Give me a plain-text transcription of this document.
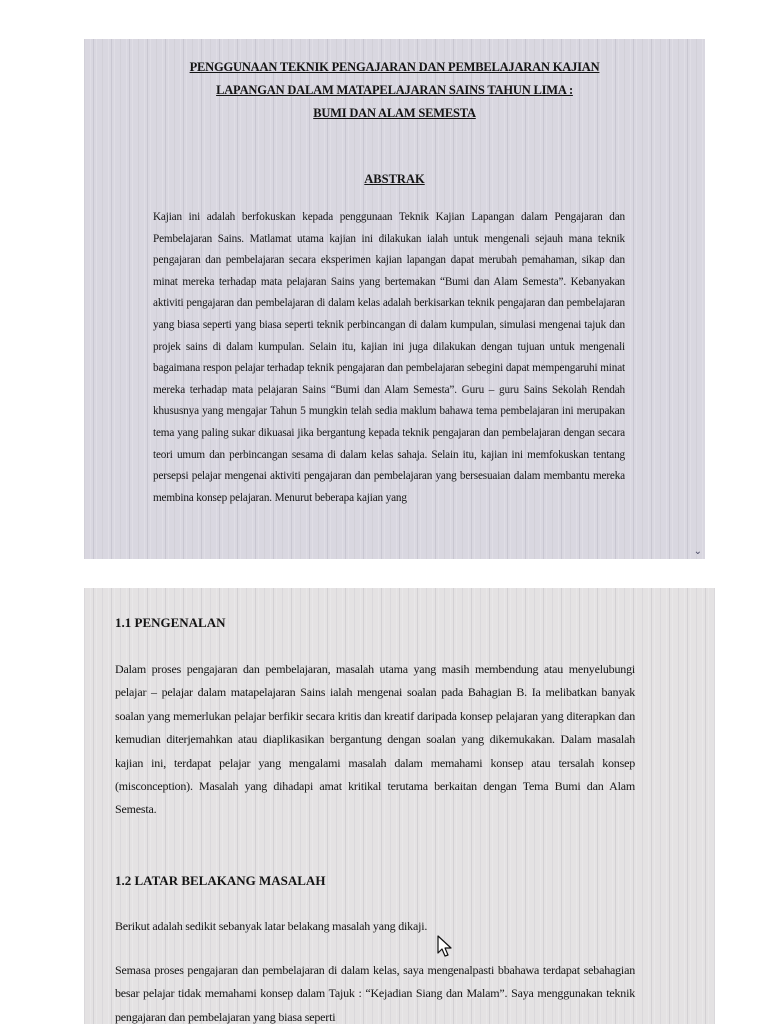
PENGGUNAAN TEKNIK PENGAJARAN DAN PEMBELAJARAN KAJIAN
LAPANGAN DALAM MATAPELAJARAN SAINS TAHUN LIMA :
BUMI DAN ALAM SEMESTA
ABSTRAK

Kajian ini adalah berfokuskan kepada penggunaan Teknik Kajian Lapangan dalam Pengajaran dan Pembelajaran Sains. Matlamat utama kajian ini dilakukan ialah untuk mengenali sejauh mana teknik pengajaran dan pembelajaran secara eksperimen kajian lapangan dapat merubah pemahaman, sikap dan minat mereka terhadap mata pelajaran Sains yang bertemakan “Bumi dan Alam Semesta”. Kebanyakan aktiviti pengajaran dan pembelajaran di dalam kelas adalah berkisarkan teknik pengajaran dan pembelajaran yang biasa seperti yang biasa seperti teknik perbincangan di dalam kumpulan, simulasi mengenai tajuk dan projek sains di dalam kumpulan. Selain itu, kajian ini juga dilakukan dengan tujuan untuk mengenali bagaimana respon pelajar terhadap teknik pengajaran dan pembelajaran sebegini dapat mempengaruhi minat mereka terhadap mata pelajaran Sains “Bumi dan Alam Semesta”. Guru – guru Sains Sekolah Rendah khususnya yang mengajar Tahun 5 mungkin telah sedia maklum bahawa tema pembelajaran ini merupakan tema yang paling sukar dikuasai jika bergantung kepada teknik pengajaran dan pembelajaran dengan secara teori umum dan perbincangan sesama di dalam kelas sahaja. Selain itu, kajian ini memfokuskan tentang persepsi pelajar mengenai aktiviti pengajaran dan pembelajaran yang bersesuaian dalam membantu mereka membina konsep pelajaran. Menurut beberapa kajian yang

⌄
1.1 PENGENALAN

Dalam proses pengajaran dan pembelajaran, masalah utama yang masih membendung atau menyelubungi pelajar – pelajar dalam matapelajaran Sains ialah mengenai soalan pada Bahagian B. Ia melibatkan banyak soalan yang memerlukan pelajar berfikir secara kritis dan kreatif daripada konsep pelajaran yang diterapkan dan kemudian diterjemahkan atau diaplikasikan bergantung dengan soalan yang dikemukakan. Dalam masalah kajian ini, terdapat pelajar yang mengalami masalah dalam memahami konsep atau tersalah konsep (misconception). Masalah yang dihadapi amat kritikal terutama berkaitan dengan Tema Bumi dan Alam Semesta.

1.2 LATAR BELAKANG MASALAH

Berikut adalah sedikit sebanyak latar belakang masalah yang dikaji.

Semasa proses pengajaran dan pembelajaran di dalam kelas, saya mengenalpasti bbahawa terdapat sebahagian besar pelajar tidak memahami konsep dalam Tajuk : “Kejadian Siang dan Malam”. Saya menggunakan teknik pengajaran dan pembelajaran yang biasa seperti
